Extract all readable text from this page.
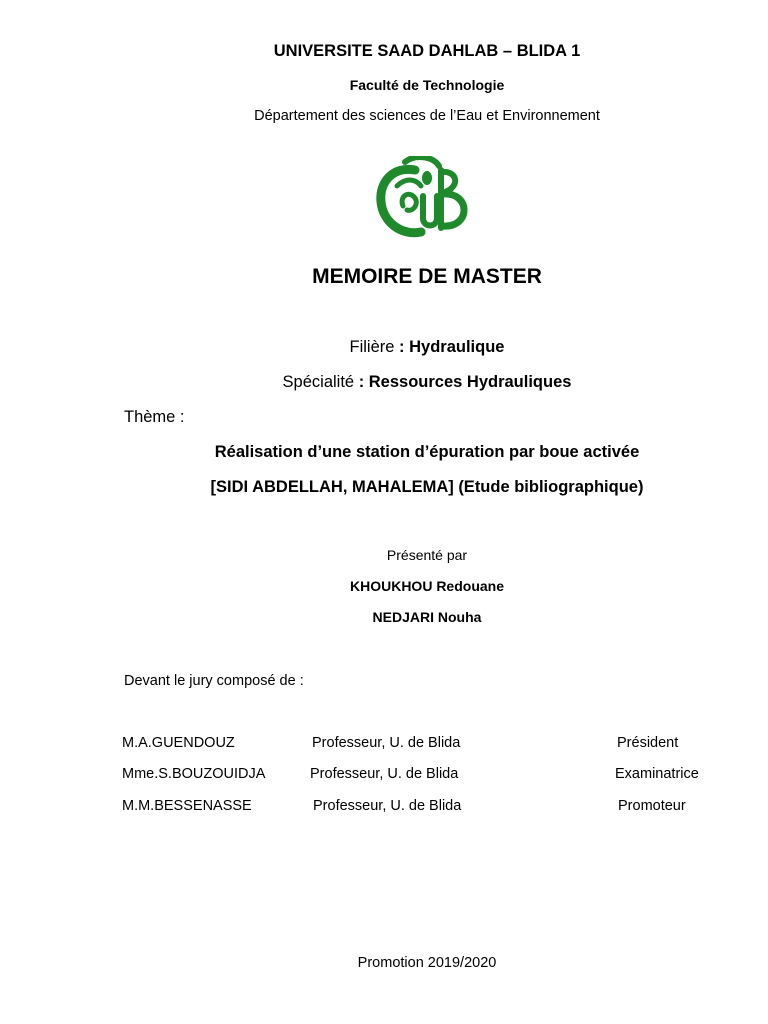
UNIVERSITE SAAD DAHLAB – BLIDA 1
Faculté de Technologie
Département des sciences de l’Eau et Environnement
MEMOIRE DE MASTER
Filière : Hydraulique
Spécialité : Ressources Hydrauliques
Thème :
Réalisation d’une station d’épuration par boue activée
[SIDI ABDELLAH, MAHALEMA] (Etude bibliographique)
Présenté par
KHOUKHOU Redouane
NEDJARI Nouha
Devant le jury composé de :
M.A.GUENDOUZ	Professeur, U. de Blida	Président
Mme.S.BOUZOUIDJA	Professeur, U. de Blida	Examinatrice
M.M.BESSENASSE	Professeur, U. de Blida	Promoteur
Promotion 2019/2020
